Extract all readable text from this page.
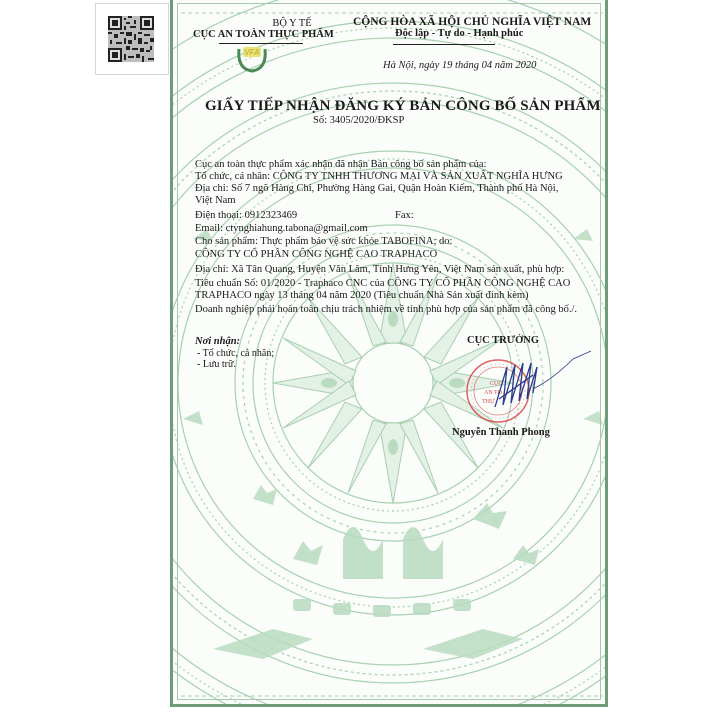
BỘ Y TẾ
CỤC AN TOÀN THỰC PHẨM
VFA
CỘNG HÒA XÃ HỘI CHỦ NGHĨA VIỆT NAM
Độc lập - Tự do - Hạnh phúc
Hà Nội, ngày 19 tháng 04 năm 2020
GIẤY TIẾP NHẬN ĐĂNG KÝ BẢN CÔNG BỐ SẢN PHẨM
Số: 3405/2020/ĐKSP
Cục an toàn thực phẩm xác nhận đã nhận Bản công bố sản phẩm của:
Tổ chức, cá nhân: CÔNG TY TNHH THƯƠNG MẠI VÀ SẢN XUẤT NGHĨA HƯNG
Địa chỉ: Số 7 ngõ Hàng Chỉ, Phường Hàng Gai, Quận Hoàn Kiếm, Thành phố Hà Nội,
Việt Nam
Điện thoại: 0912323469	Fax:
Email: ctynghiahung.tabona@gmail.com
Cho sản phẩm: Thực phẩm bảo vệ sức khỏe TABOFINA; do:
CÔNG TY CỔ PHẦN CÔNG NGHỆ CAO TRAPHACO
Địa chỉ: Xã Tân Quang, Huyện Văn Lâm, Tỉnh Hưng Yên, Việt Nam sản xuất, phù hợp:
Tiêu chuẩn Số: 01/2020 - Traphaco CNC của CÔNG TY CỔ PHẦN CÔNG NGHỆ CAO
TRAPHACO ngày 13 tháng 04 năm 2020 (Tiêu chuẩn Nhà Sản xuất đính kèm)
Doanh nghiệp phải hoàn toàn chịu trách nhiệm về tính phù hợp của sản phẩm đã công bố./.
Nơi nhận:
- Tổ chức, cá nhân;
- Lưu trữ.
CỤC TRƯỞNG
CỤC
AN TO
THỰ
Nguyễn Thanh Phong
